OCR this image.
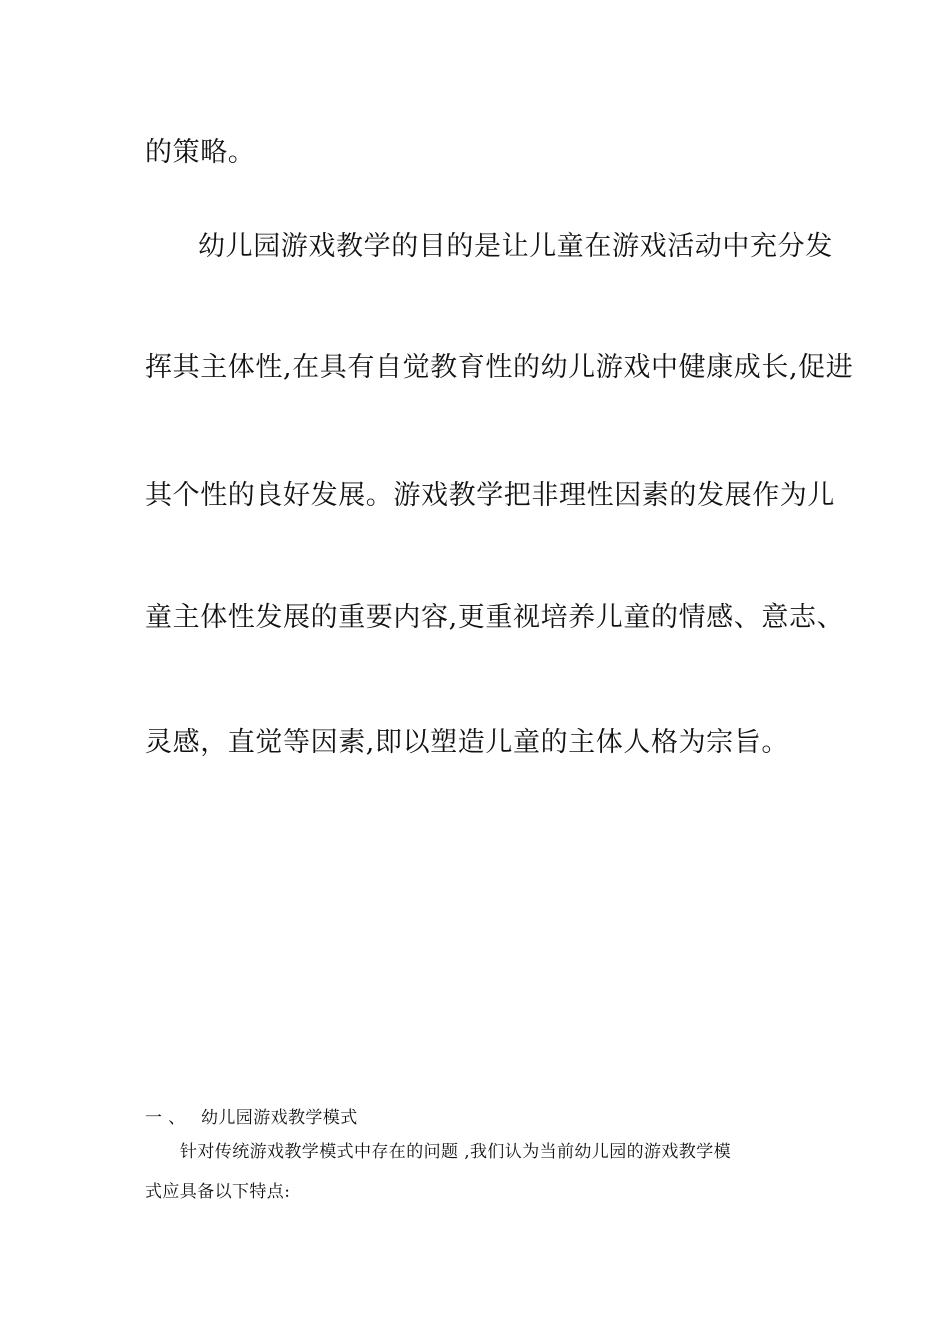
的策略。
幼儿园游戏教学的目的是让儿童在游戏活动中充分发
挥其主体性,在具有自觉教育性的幼儿游戏中健康成长,促进
其个性的良好发展。游戏教学把非理性因素的发展作为儿
童主体性发展的重要内容,更重视培养儿童的情感、意志、
灵感，直觉等因素,即以塑造儿童的主体人格为宗旨。
一 、 幼儿园游戏教学模式
针对传统游戏教学模式中存在的问题 ,我们认为当前幼儿园的游戏教学模
式应具备以下特点:
